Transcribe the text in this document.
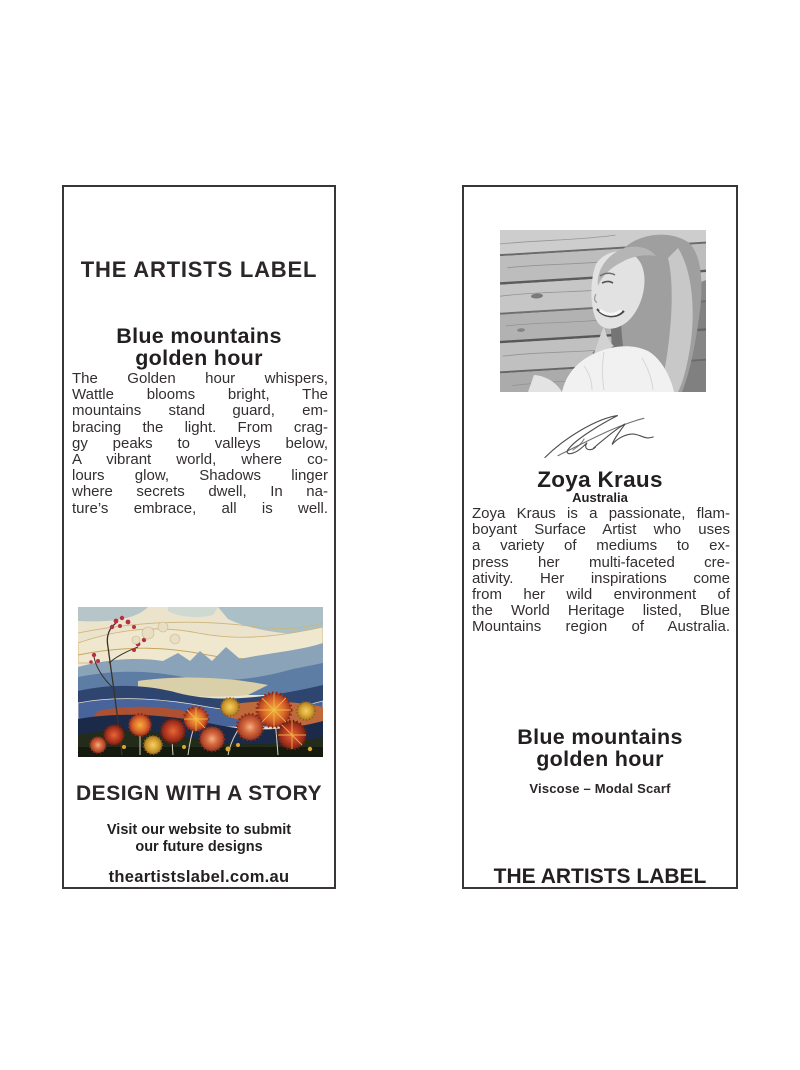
THE ARTISTS LABEL
Blue mountains
golden hour
The Golden hour whispers,
Wattle blooms bright, The
mountains stand guard, em-
bracing the light. From crag-
gy peaks to valleys below,
A vibrant world, where co-
lours glow, Shadows linger
where secrets dwell, In na-
ture’s embrace, all is well.
DESIGN WITH A STORY
Visit our website to submit
our future designs
theartistslabel.com.au
Zoya Kraus
Australia
Zoya Kraus is a passionate, flam-
boyant Surface Artist who uses
a variety of mediums to ex-
press her multi-faceted cre-
ativity. Her inspirations come
from her wild environment of
the World Heritage listed, Blue
Mountains region of Australia.
Blue mountains
golden hour
Viscose – Modal Scarf
THE ARTISTS LABEL
